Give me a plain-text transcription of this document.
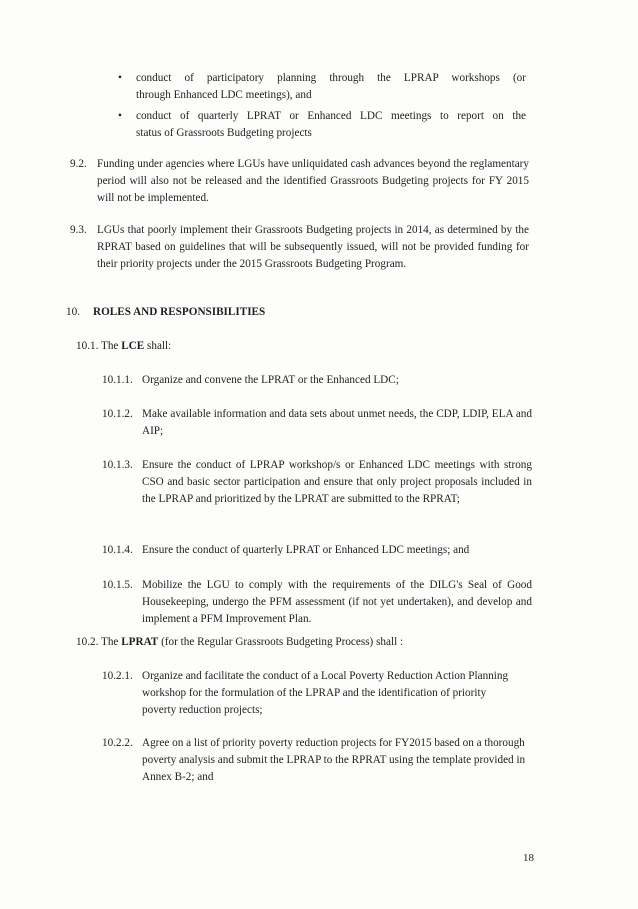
• conduct of participatory planning through the LPRAP workshops (or
through Enhanced LDC meetings), and
• conduct of quarterly LPRAT or Enhanced LDC meetings to report on the
status of Grassroots Budgeting projects
9.2. Funding under agencies where LGUs have unliquidated cash advances beyond the reglamentary period will also not be released and the identified Grassroots Budgeting projects for FY 2015 will not be implemented.
9.3. LGUs that poorly implement their Grassroots Budgeting projects in 2014, as determined by the RPRAT based on guidelines that will be subsequently issued, will not be provided funding for their priority projects under the 2015 Grassroots Budgeting Program.
10. ROLES AND RESPONSIBILITIES
10.1. The LCE shall:
10.1.1. Organize and convene the LPRAT or the Enhanced LDC;
10.1.2. Make available information and data sets about unmet needs, the CDP, LDIP, ELA and AIP;
10.1.3. Ensure the conduct of LPRAP workshop/s or Enhanced LDC meetings with strong CSO and basic sector participation and ensure that only project proposals included in the LPRAP and prioritized by the LPRAT are submitted to the RPRAT;
10.1.4. Ensure the conduct of quarterly LPRAT or Enhanced LDC meetings; and
10.1.5. Mobilize the LGU to comply with the requirements of the DILG's Seal of Good Housekeeping, undergo the PFM assessment (if not yet undertaken), and develop and implement a PFM Improvement Plan.
10.2. The LPRAT (for the Regular Grassroots Budgeting Process) shall :
10.2.1. Organize and facilitate the conduct of a Local Poverty Reduction Action Planning workshop for the formulation of the LPRAP and the identification of priority poverty reduction projects;
10.2.2. Agree on a list of priority poverty reduction projects for FY2015 based on a thorough poverty analysis and submit the LPRAP to the RPRAT using the template provided in Annex B-2; and
18
